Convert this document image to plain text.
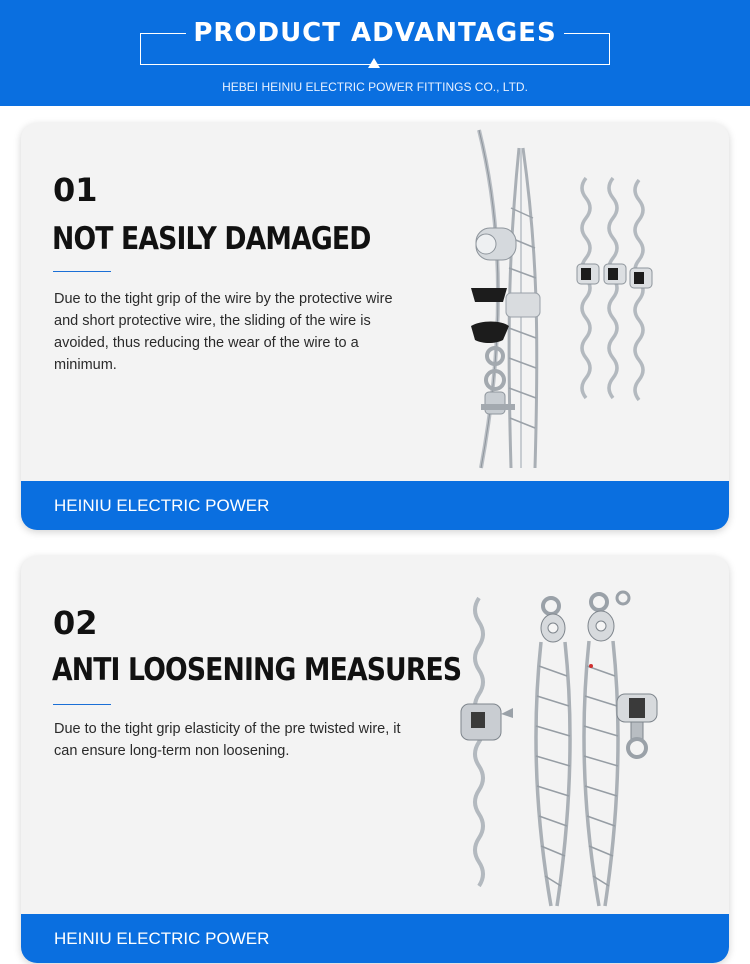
PRODUCT ADVANTAGES
HEBEI HEINIU ELECTRIC POWER FITTINGS CO., LTD.
01
NOT EASILY DAMAGED
Due to the tight grip of the wire by the protective wire and short protective wire, the sliding of the wire is avoided, thus reducing the wear of the wire to a minimum.
HEINIU ELECTRIC POWER
02
ANTI LOOSENING MEASURES
Due to the tight grip elasticity of the pre twisted wire, it can ensure long-term non loosening.
HEINIU ELECTRIC POWER
